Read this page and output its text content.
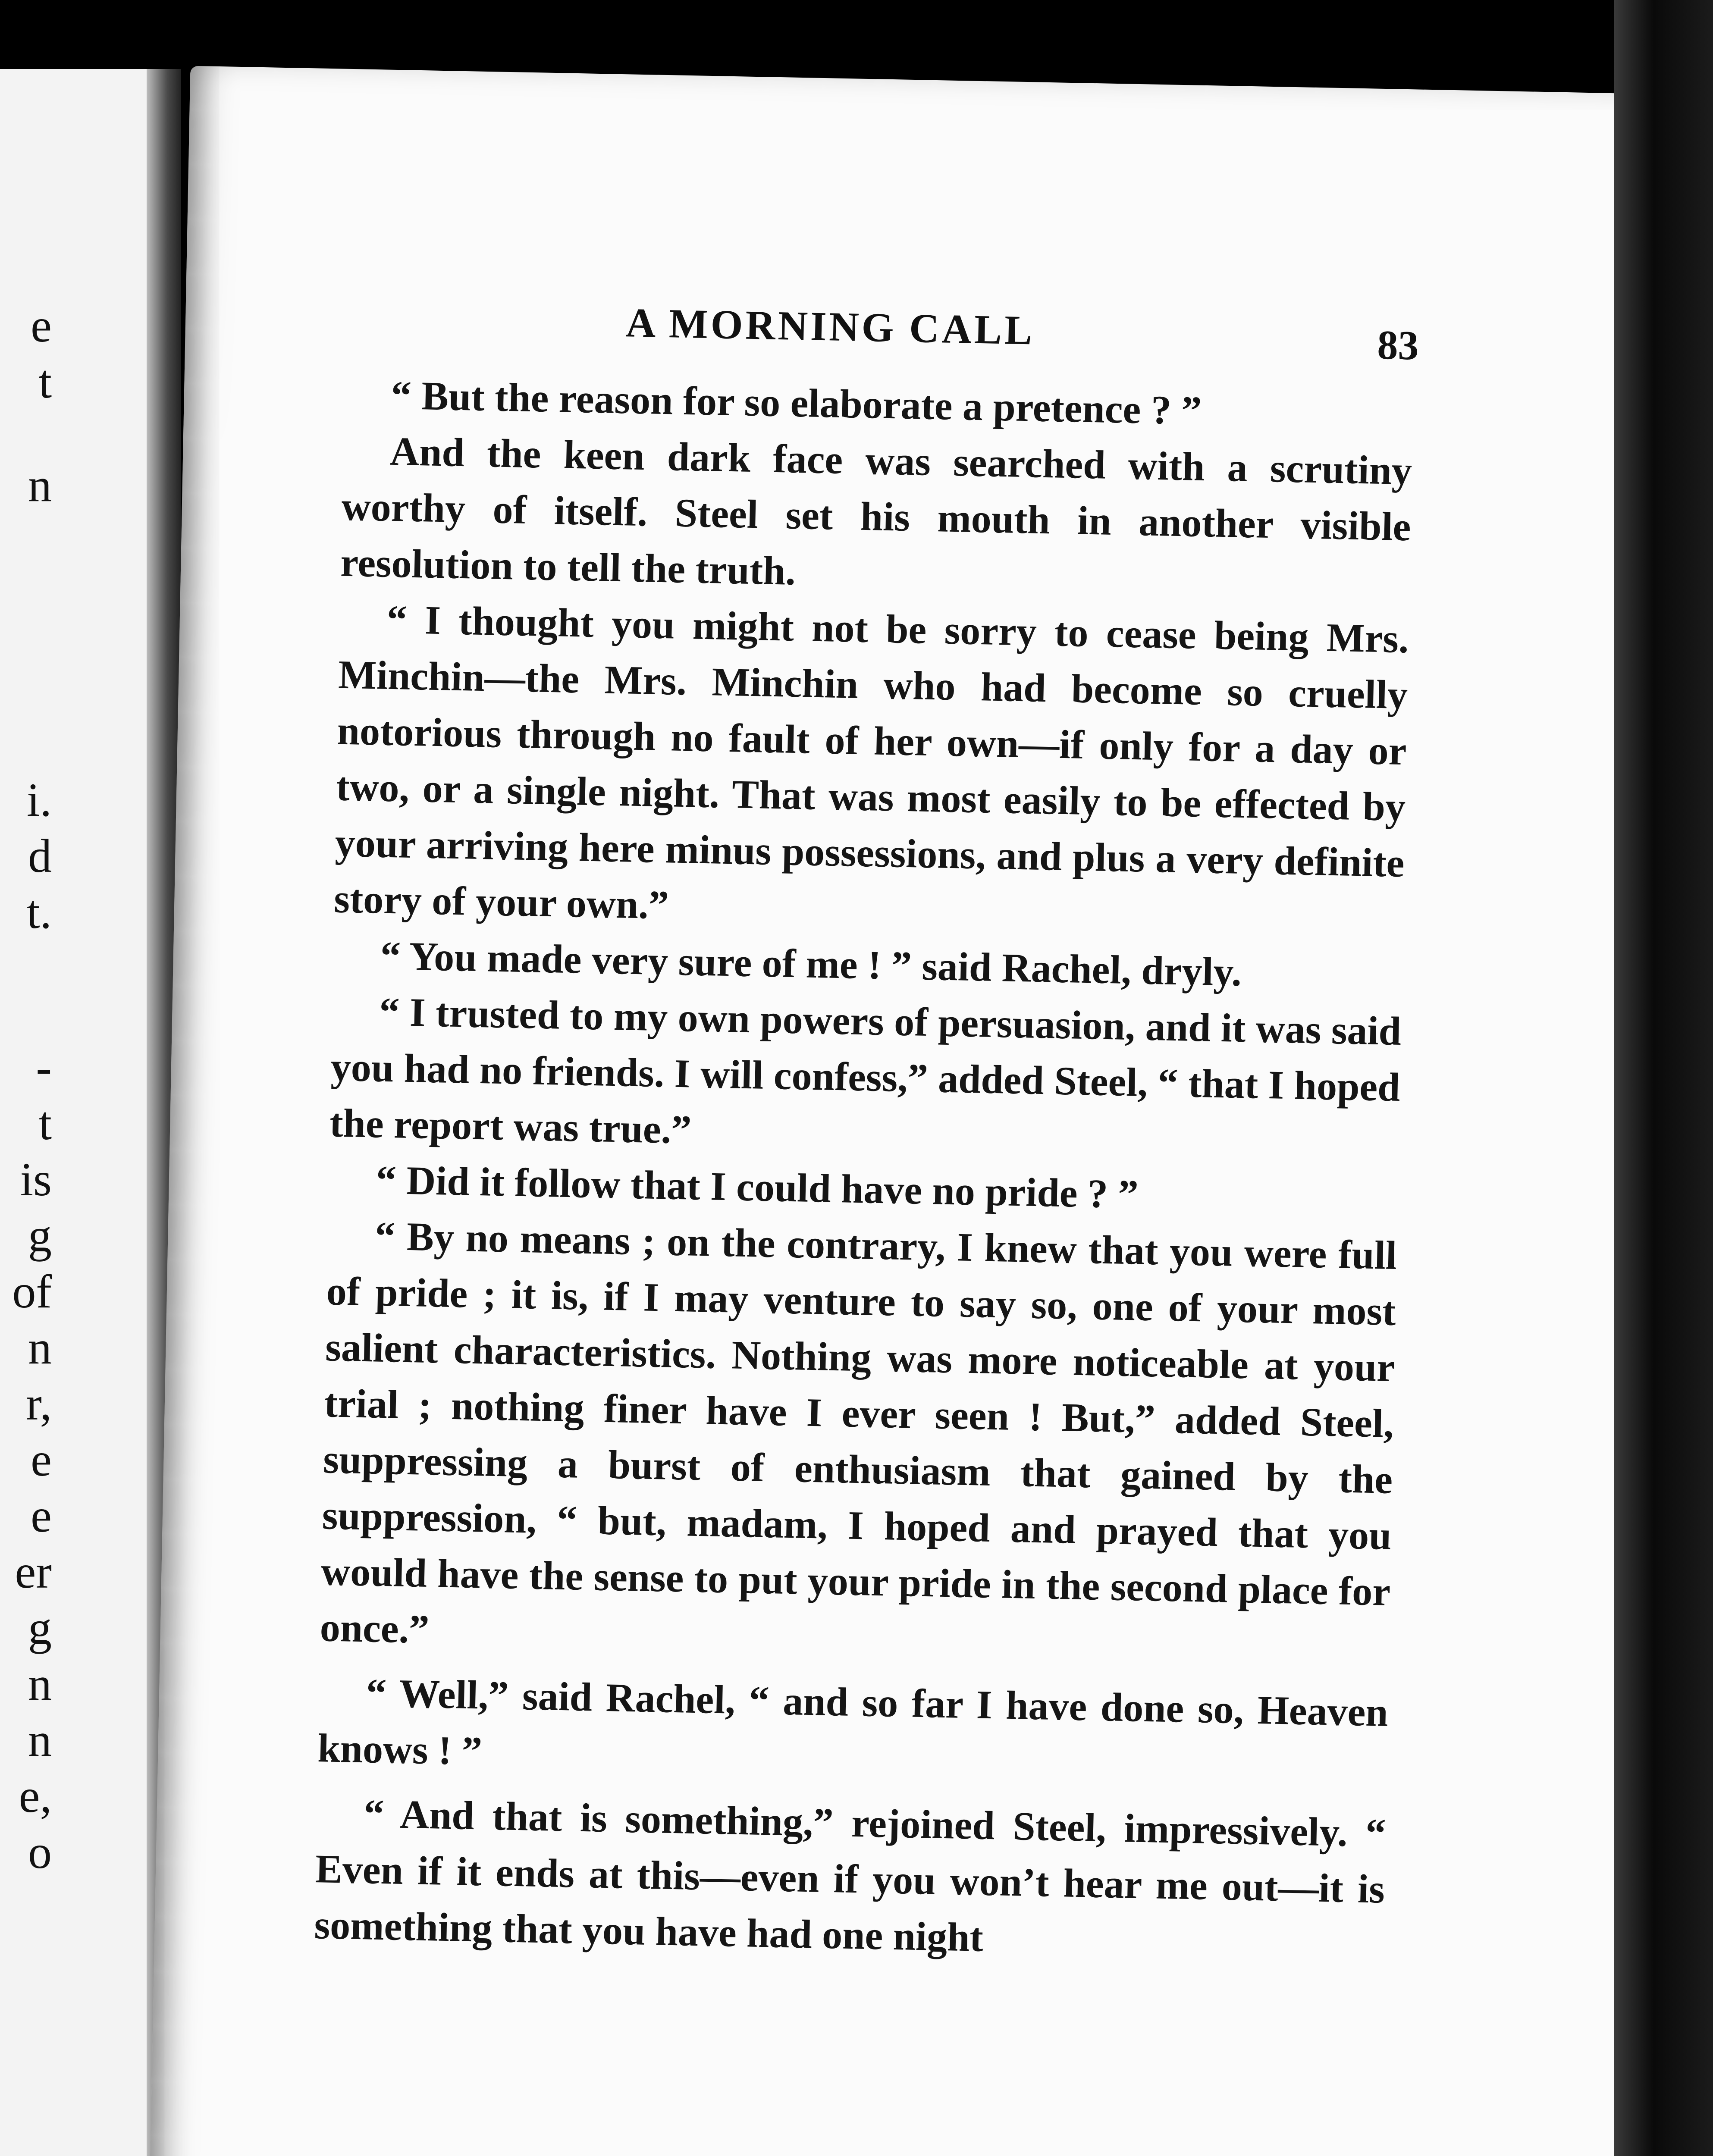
e
t
n
i.
d
t.
-
t
is
g
of
n
r,
e
e
er
g
n
n
e,
o
A MORNING CALL	83

“ But the reason for so elaborate a pretence ? ”

And the keen dark face was searched with a scrutiny worthy of itself. Steel set his mouth in another visible resolution to tell the truth.

“ I thought you might not be sorry to cease being Mrs. Minchin—the Mrs. Minchin who had become so cruelly notorious through no fault of her own—if only for a day or two, or a single night. That was most easily to be effected by your arriving here minus possessions, and plus a very definite story of your own.”

“ You made very sure of me ! ” said Rachel, dryly.

“ I trusted to my own powers of persuasion, and it was said you had no friends. I will confess,” added Steel, “ that I hoped the report was true.”

“ Did it follow that I could have no pride ? ”

“ By no means ; on the contrary, I knew that you were full of pride ; it is, if I may venture to say so, one of your most salient characteristics. Nothing was more noticeable at your trial ; nothing finer have I ever seen ! But,” added Steel, suppressing a burst of enthusiasm that gained by the suppression, “ but, madam, I hoped and prayed that you would have the sense to put your pride in the second place for once.”

“ Well,” said Rachel, “ and so far I have done so, Heaven knows ! ”

“ And that is something,” rejoined Steel, impressively. “ Even if it ends at this—even if you won’t hear me out—it is something that you have had one night
